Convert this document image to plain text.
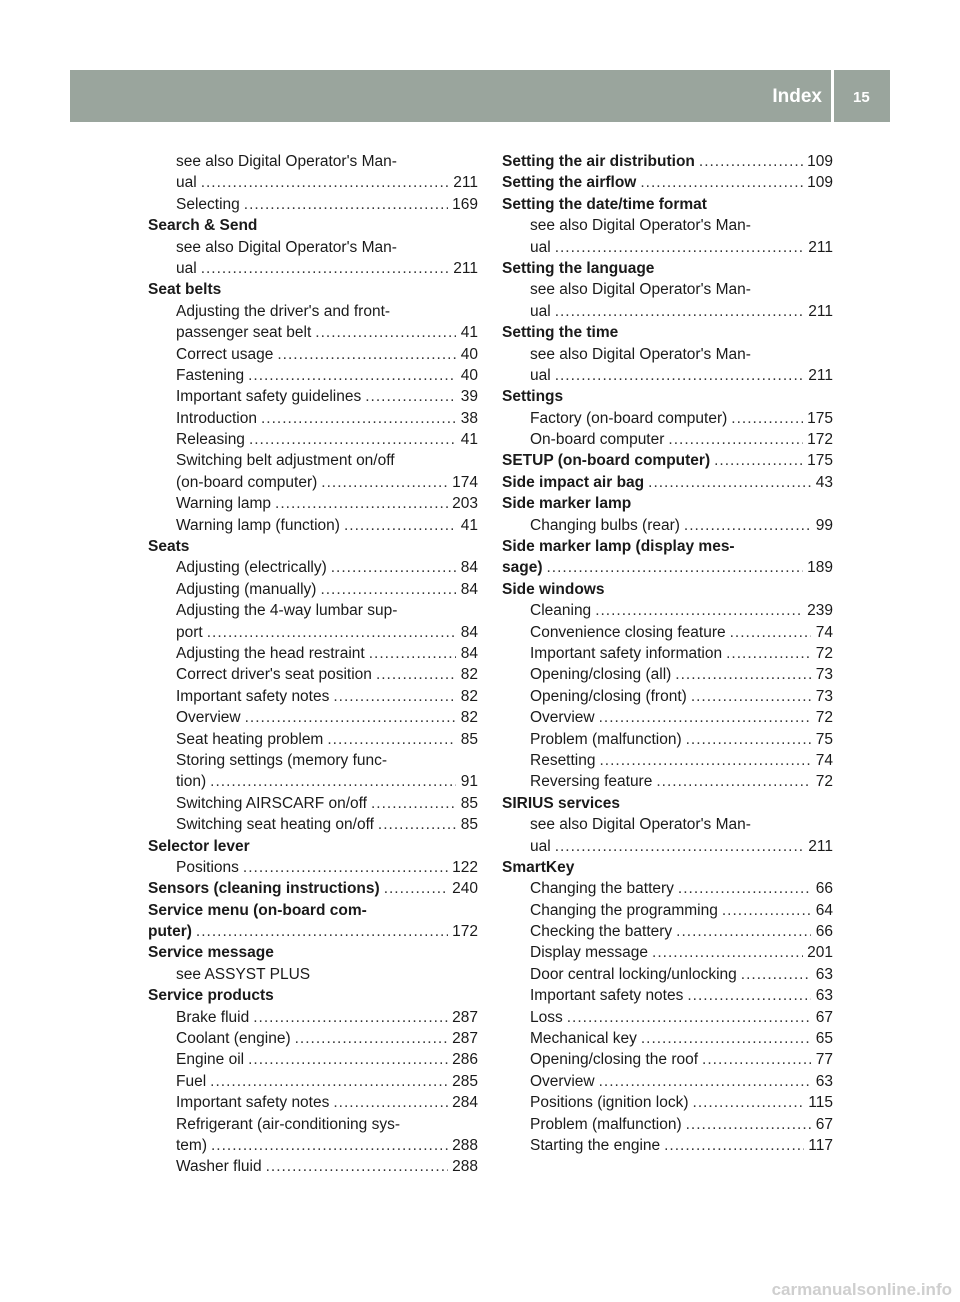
Index 15
see also Digital Operator's Man-
ual .....	211
Selecting .....	169
Search & Send
see also Digital Operator's Man-
ual .....	211
Seat belts
Adjusting the driver's and front-
passenger seat belt .....	41
Correct usage .....	40
Fastening .....	40
Important safety guidelines .....	39
Introduction .....	38
Releasing .....	41
Switching belt adjustment on/off
(on-board computer) .....	174
Warning lamp .....	203
Warning lamp (function) .....	41
Seats
Adjusting (electrically) .....	84
Adjusting (manually) .....	84
Adjusting the 4-way lumbar sup-
port .....	84
Adjusting the head restraint .....	84
Correct driver's seat position .....	82
Important safety notes .....	82
Overview .....	82
Seat heating problem .....	85
Storing settings (memory func-
tion) .....	91
Switching AIRSCARF on/off .....	85
Switching seat heating on/off .....	85
Selector lever
Positions .....	122
Sensors (cleaning instructions) .....	240
Service menu (on-board com-
puter) .....	172
Service message
see ASSYST PLUS
Service products
Brake fluid .....	287
Coolant (engine) .....	287
Engine oil .....	286
Fuel .....	285
Important safety notes .....	284
Refrigerant (air-conditioning sys-
tem) .....	288
Washer fluid .....	288
Setting the air distribution .....	109
Setting the airflow .....	109
Setting the date/time format
see also Digital Operator's Man-
ual .....	211
Setting the language
see also Digital Operator's Man-
ual .....	211
Setting the time
see also Digital Operator's Man-
ual .....	211
Settings
Factory (on-board computer) .....	175
On-board computer .....	172
SETUP (on-board computer) .....	175
Side impact air bag .....	43
Side marker lamp
Changing bulbs (rear) .....	99
Side marker lamp (display mes-
sage) .....	189
Side windows
Cleaning .....	239
Convenience closing feature .....	74
Important safety information .....	72
Opening/closing (all) .....	73
Opening/closing (front) .....	73
Overview .....	72
Problem (malfunction) .....	75
Resetting .....	74
Reversing feature .....	72
SIRIUS services
see also Digital Operator's Man-
ual .....	211
SmartKey
Changing the battery .....	66
Changing the programming .....	64
Checking the battery .....	66
Display message .....	201
Door central locking/unlocking .....	63
Important safety notes .....	63
Loss .....	67
Mechanical key .....	65
Opening/closing the roof .....	77
Overview .....	63
Positions (ignition lock) .....	115
Problem (malfunction) .....	67
Starting the engine .....	117
carmanualsonline.info
